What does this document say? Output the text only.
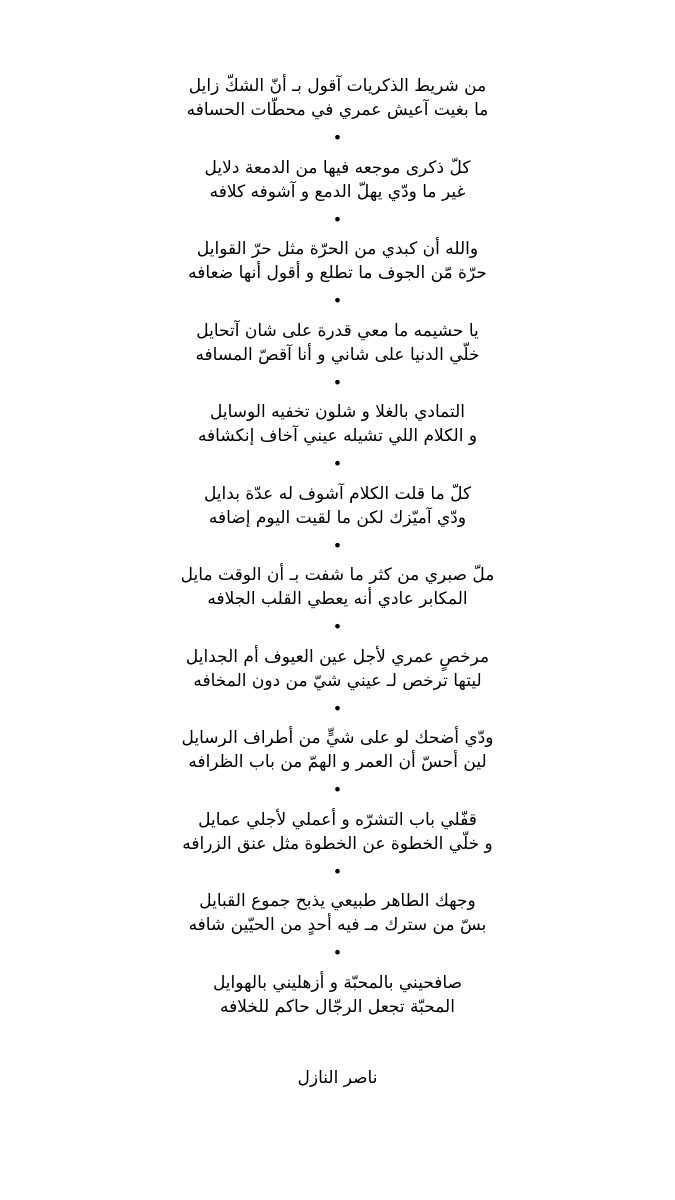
من شريط الذكريات آقول بـ أنّ الشكّ زايل
ما بغيت آعيش عمري في محطّات الحسافه
•
كلّ ذكرى موجعه فيها من الدمعة دلايل
غير ما ودّي يهلّ الدمع و آشوفه كلافه
•
والله أن كبدي من الحرّة مثل حرّ القوايل
حرّة مّن الجوف ما تطلع و أقول أنها ضعافه
•
يا حشيمه ما معي قدرة على شان آتحايل
خلّي الدنيا على شاني و أنا آقصّ المسافه
•
التمادي بالغلا و شلون تخفيه الوسايل
و الكلام اللي تشيله عيني آخاف إنكشافه
•
كلّ ما قلت الكلام آشوف له عدّة بدايل
ودّي آميّزك لكن ما لقيت اليوم إضافه
•
ملّ صبري من كثر ما شفت بـ أن الوقت مايل
المكابر عادي أنه يعطي القلب الجلافه
•
مرخصٍ عمري لأجل عين العيوف أم الجدايل
ليتها ترخص لـ عيني شيّ من دون المخافه
•
ودّي أضحك لو على شيٍّ من أطراف الرسايل
لين أحسّ أن العمر و الهمّ من باب الظرافه
•
قفّلي باب التشرّه و أعملي لأجلي عمايل
و خلّي الخطوة عن الخطوة مثل عنق الزرافه
•
وجهك الطاهر طبيعي يذبح جموع القبايل
بسّ من سترك مـ فيه أحدٍ من الحيّين شافه
•
صافحيني بالمحبّة و أزهليني بالهوايل
المحبّة تجعل الرجّال حاكم للخلافه
ناصر النازل
